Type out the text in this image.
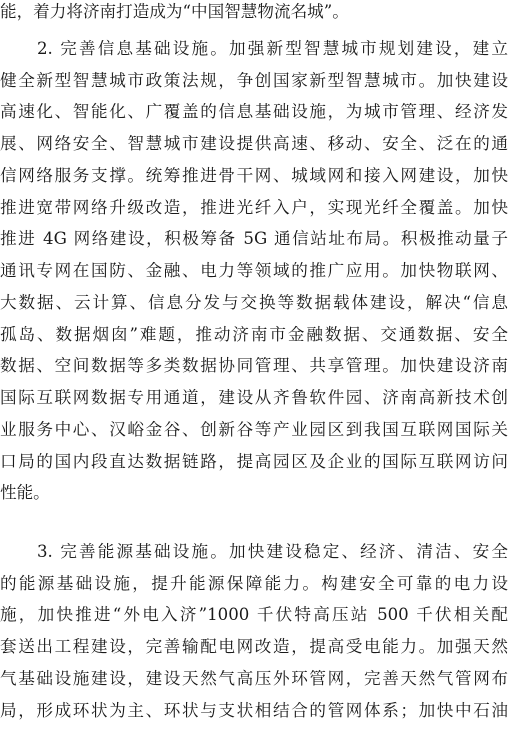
能，着力将济南打造成为“中国智慧物流名城”。
2. 完善信息基础设施。加强新型智慧城市规划建设，建立
健全新型智慧城市政策法规，争创国家新型智慧城市。加快建设
高速化、智能化、广覆盖的信息基础设施，为城市管理、经济发
展、网络安全、智慧城市建设提供高速、移动、安全、泛在的通
信网络服务支撑。统筹推进骨干网、城域网和接入网建设，加快
推进宽带网络升级改造，推进光纤入户，实现光纤全覆盖。加快
推进 4G 网络建设，积极筹备 5G 通信站址布局。积极推动量子
通讯专网在国防、金融、电力等领域的推广应用。加快物联网、
大数据、云计算、信息分发与交换等数据载体建设，解决“信息
孤岛、数据烟囱”难题，推动济南市金融数据、交通数据、安全
数据、空间数据等多类数据协同管理、共享管理。加快建设济南
国际互联网数据专用通道，建设从齐鲁软件园、济南高新技术创
业服务中心、汉峪金谷、创新谷等产业园区到我国互联网国际关
口局的国内段直达数据链路，提高园区及企业的国际互联网访问
性能。
3. 完善能源基础设施。加快建设稳定、经济、清洁、安全
的能源基础设施，提升能源保障能力。构建安全可靠的电力设
施，加快推进“外电入济”1000 千伏特高压站 500 千伏相关配
套送出工程建设，完善输配电网改造，提高受电能力。加强天然
气基础设施建设，建设天然气高压外环管网，完善天然气管网布
局，形成环状为主、环状与支状相结合的管网体系；加快中石油
